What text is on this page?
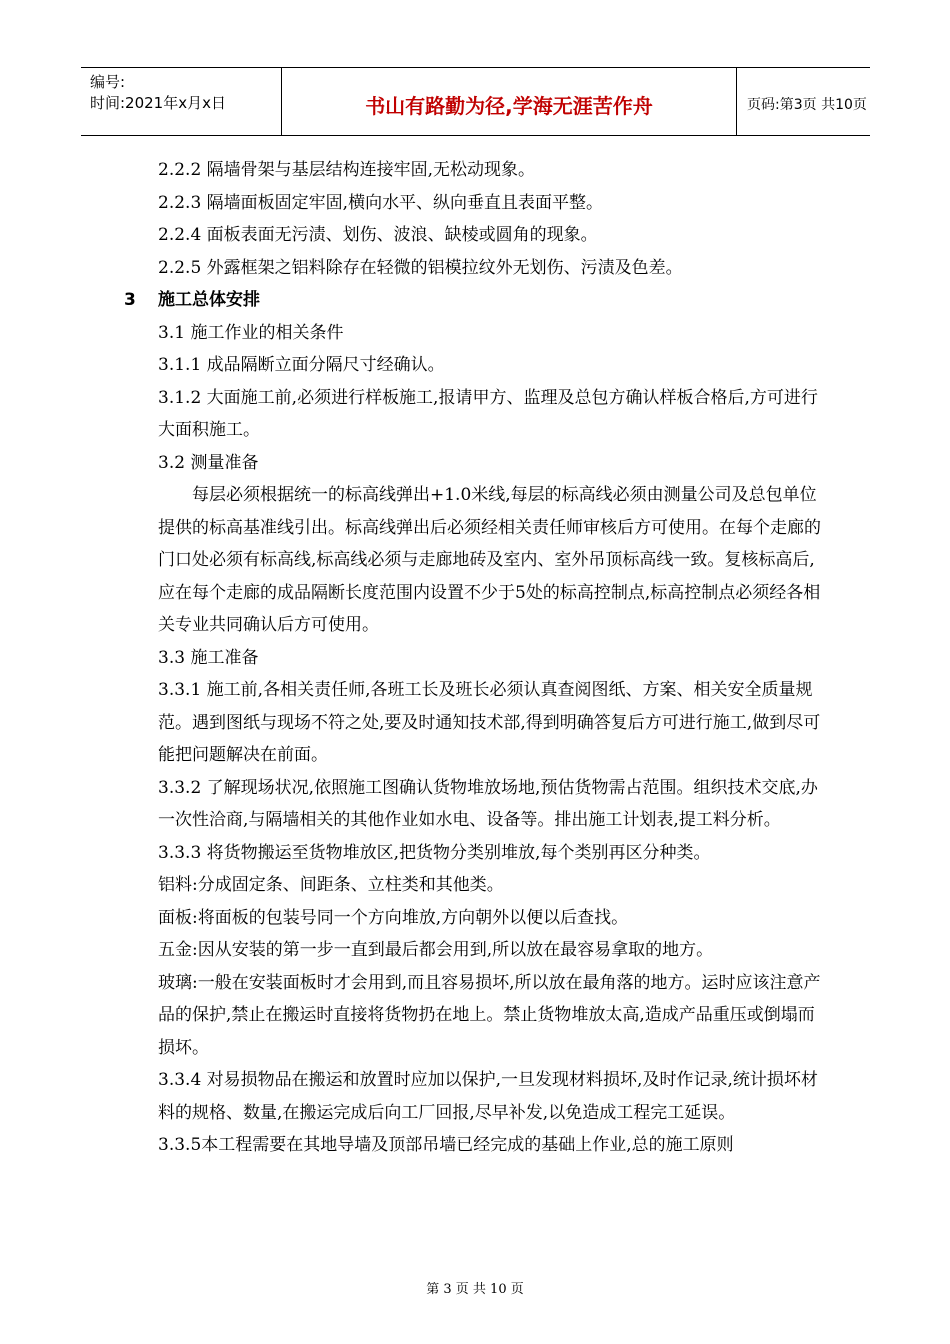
编号:
时间:2021年x月x日	书山有路勤为径,学海无涯苦作舟	页码:第3页 共10页

2.2.2 隔墙骨架与基层结构连接牢固,无松动现象。

2.2.3 隔墙面板固定牢固,横向水平、纵向垂直且表面平整。

2.2.4 面板表面无污渍、划伤、波浪、缺棱或圆角的现象。

2.2.5 外露框架之铝料除存在轻微的铝模拉纹外无划伤、污渍及色差。

3 施工总体安排

3.1 施工作业的相关条件

3.1.1 成品隔断立面分隔尺寸经确认。

3.1.2 大面施工前,必须进行样板施工,报请甲方、监理及总包方确认样板合格后,方可进行大面积施工。

3.2 测量准备

每层必须根据统一的标高线弹出+1.0米线,每层的标高线必须由测量公司及总包单位提供的标高基准线引出。标高线弹出后必须经相关责任师审核后方可使用。在每个走廊的门口处必须有标高线,标高线必须与走廊地砖及室内、室外吊顶标高线一致。复核标高后,应在每个走廊的成品隔断长度范围内设置不少于5处的标高控制点,标高控制点必须经各相关专业共同确认后方可使用。

3.3 施工准备

3.3.1 施工前,各相关责任师,各班工长及班长必须认真查阅图纸、方案、相关安全质量规范。遇到图纸与现场不符之处,要及时通知技术部,得到明确答复后方可进行施工,做到尽可能把问题解决在前面。

3.3.2 了解现场状况,依照施工图确认货物堆放场地,预估货物需占范围。组织技术交底,办一次性洽商,与隔墙相关的其他作业如水电、设备等。排出施工计划表,提工料分析。

3.3.3 将货物搬运至货物堆放区,把货物分类别堆放,每个类别再区分种类。

铝料:分成固定条、间距条、立柱类和其他类。

面板:将面板的包装号同一个方向堆放,方向朝外以便以后查找。

五金:因从安装的第一步一直到最后都会用到,所以放在最容易拿取的地方。

玻璃:一般在安装面板时才会用到,而且容易损坏,所以放在最角落的地方。运时应该注意产品的保护,禁止在搬运时直接将货物扔在地上。禁止货物堆放太高,造成产品重压或倒塌而损坏。

3.3.4 对易损物品在搬运和放置时应加以保护,一旦发现材料损坏,及时作记录,统计损坏材料的规格、数量,在搬运完成后向工厂回报,尽早补发,以免造成工程完工延误。

3.3.5本工程需要在其地导墙及顶部吊墙已经完成的基础上作业,总的施工原则

第 3 页 共 10 页
